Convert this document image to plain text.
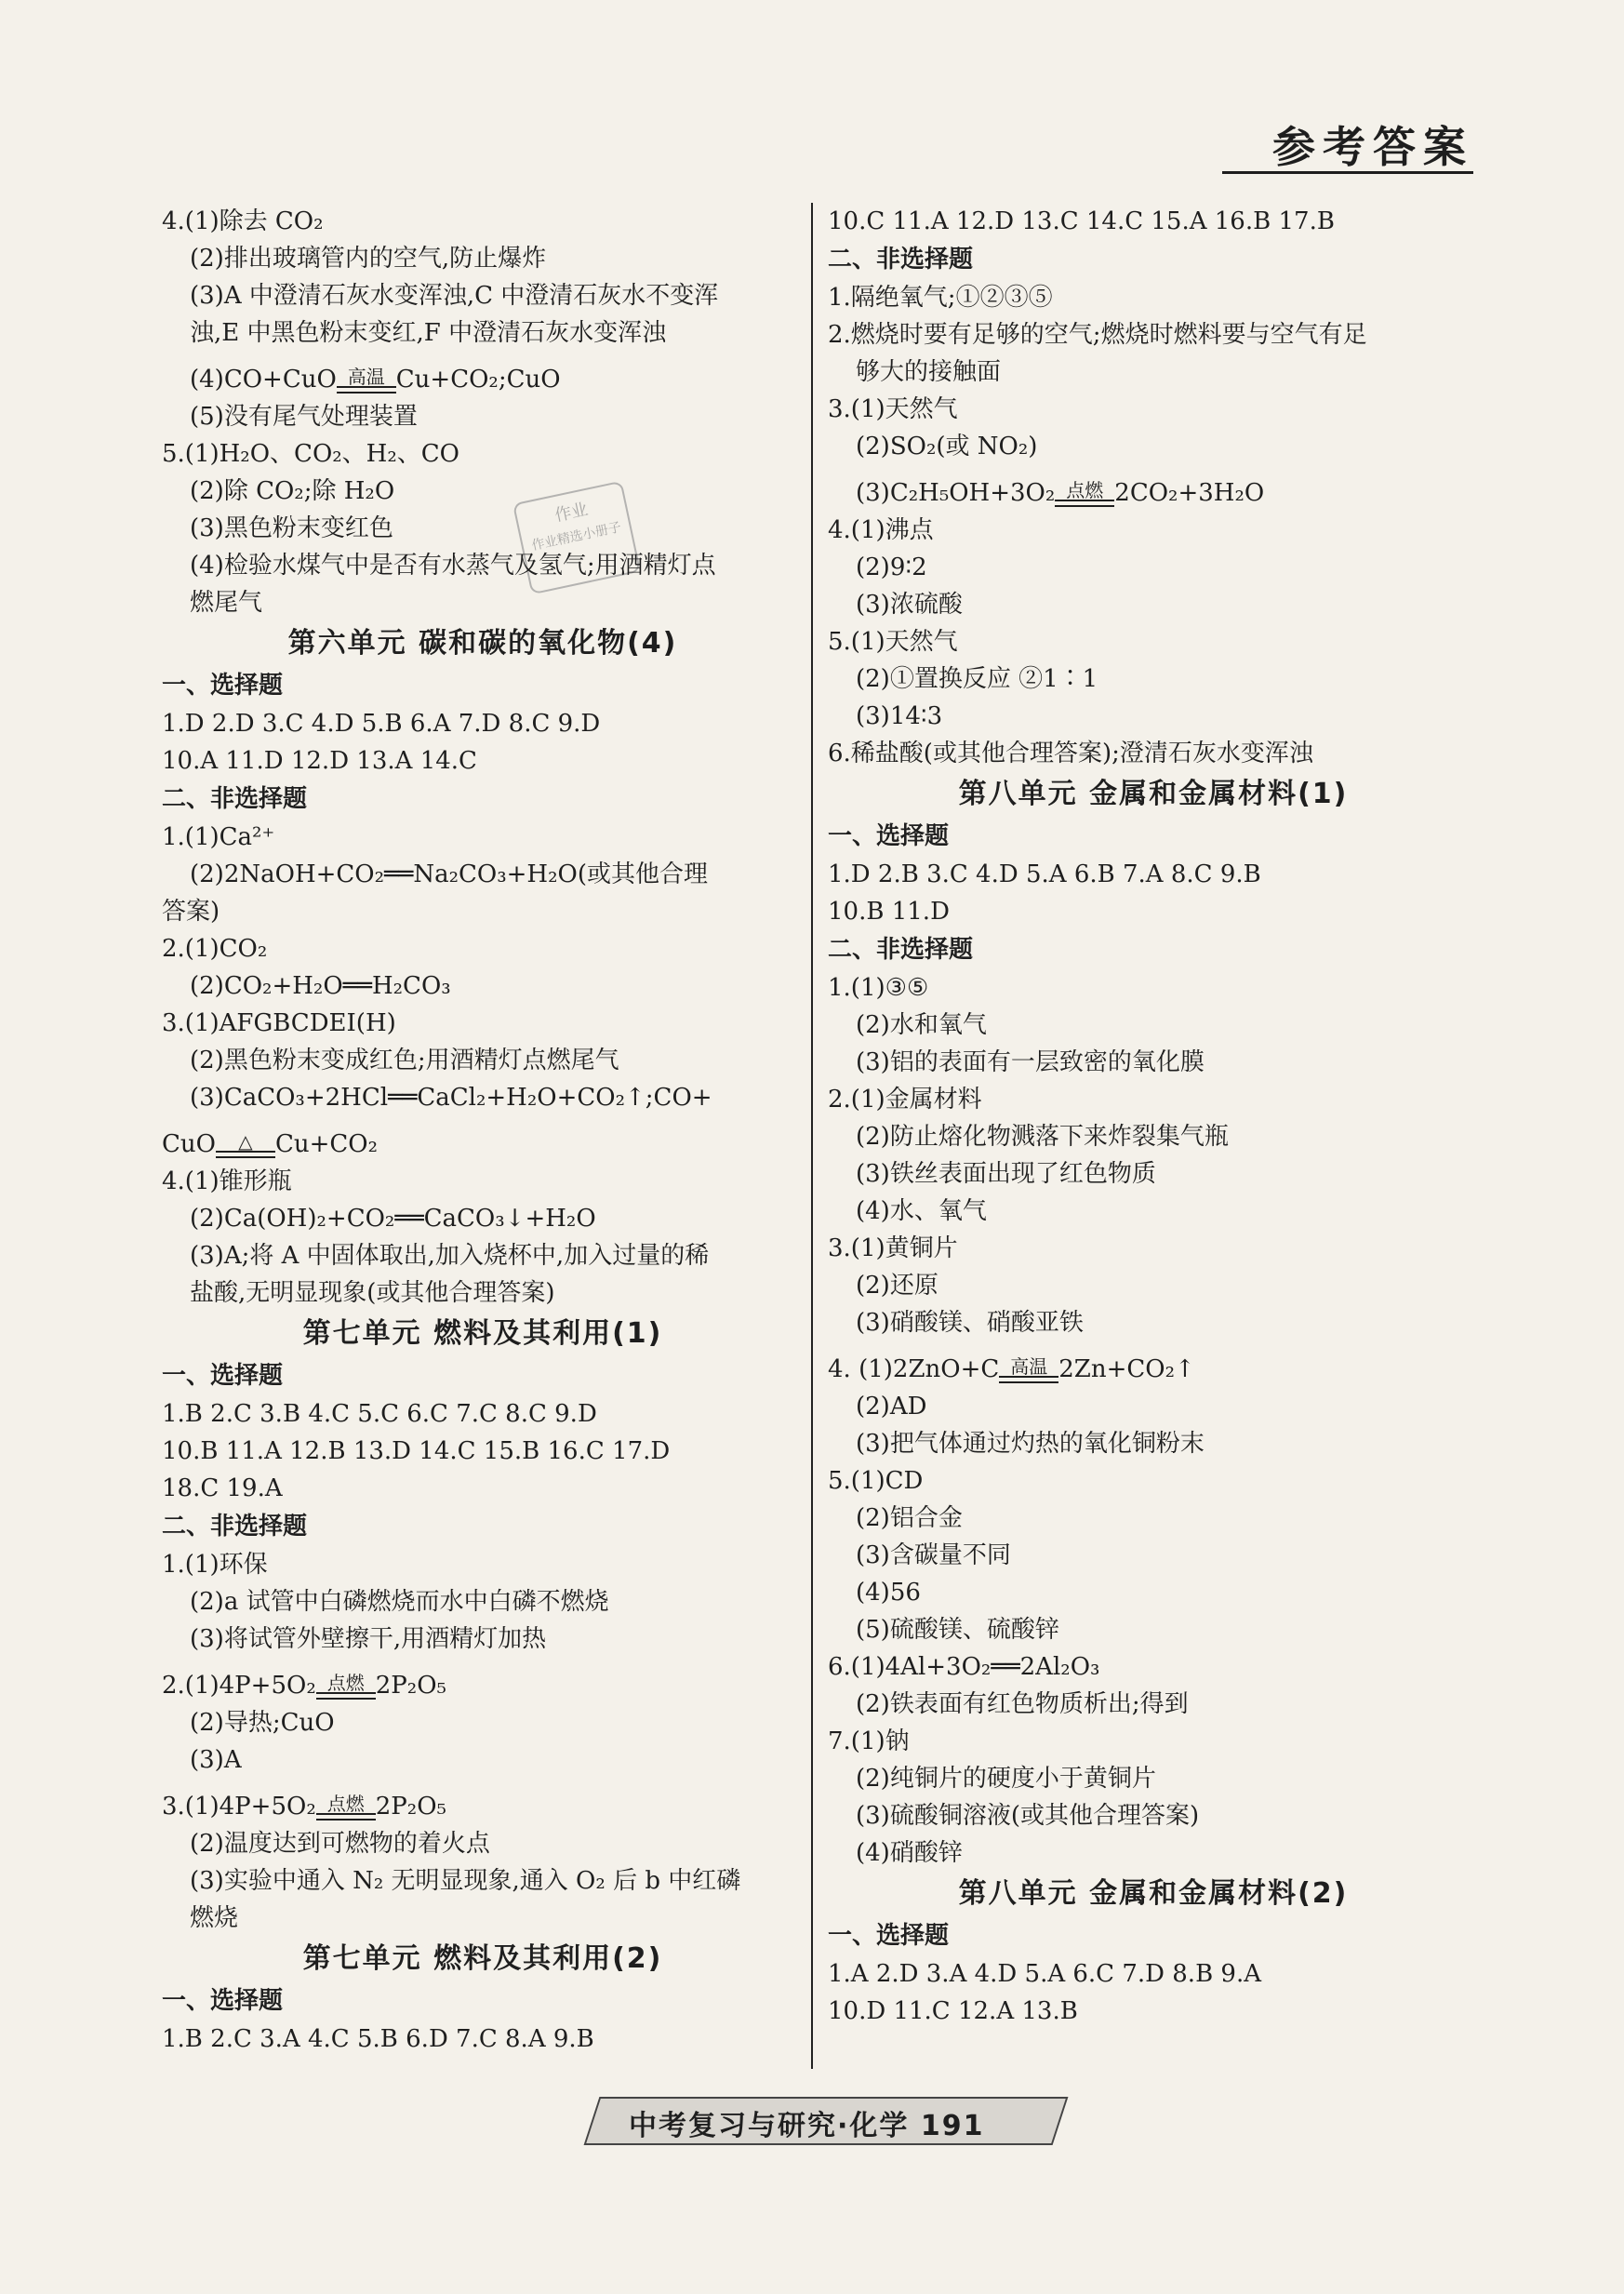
参考答案
作业
作业精选小册子
4.(1)除去 CO₂
(2)排出玻璃管内的空气,防止爆炸
(3)A 中澄清石灰水变浑浊,C 中澄清石灰水不变浑
浊,E 中黑色粉末变红,F 中澄清石灰水变浑浊
(4)CO+CuO 高温 Cu+CO₂;CuO
(5)没有尾气处理装置
5.(1)H₂O、CO₂、H₂、CO
(2)除 CO₂;除 H₂O
(3)黑色粉末变红色
(4)检验水煤气中是否有水蒸气及氢气;用酒精灯点
燃尾气
第六单元 碳和碳的氧化物(4)
一、选择题
1.D 2.D 3.C 4.D 5.B 6.A 7.D 8.C 9.D
10.A 11.D 12.D 13.A 14.C
二、非选择题
1.(1)Ca²⁺
(2)2NaOH+CO₂══Na₂CO₃+H₂O(或其他合理
答案)
2.(1)CO₂
(2)CO₂+H₂O══H₂CO₃
3.(1)AFGBCDEI(H)
(2)黑色粉末变成红色;用酒精灯点燃尾气
(3)CaCO₃+2HCl══CaCl₂+H₂O+CO₂↑;CO+
CuO △ Cu+CO₂
4.(1)锥形瓶
(2)Ca(OH)₂+CO₂══CaCO₃↓+H₂O
(3)A;将 A 中固体取出,加入烧杯中,加入过量的稀
盐酸,无明显现象(或其他合理答案)
第七单元 燃料及其利用(1)
一、选择题
1.B 2.C 3.B 4.C 5.C 6.C 7.C 8.C 9.D
10.B 11.A 12.B 13.D 14.C 15.B 16.C 17.D
18.C 19.A
二、非选择题
1.(1)环保
(2)a 试管中白磷燃烧而水中白磷不燃烧
(3)将试管外壁擦干,用酒精灯加热
2.(1)4P+5O₂ 点燃 2P₂O₅
(2)导热;CuO
(3)A
3.(1)4P+5O₂ 点燃 2P₂O₅
(2)温度达到可燃物的着火点
(3)实验中通入 N₂ 无明显现象,通入 O₂ 后 b 中红磷
燃烧
第七单元 燃料及其利用(2)
一、选择题
1.B 2.C 3.A 4.C 5.B 6.D 7.C 8.A 9.B
10.C 11.A 12.D 13.C 14.C 15.A 16.B 17.B
二、非选择题
1.隔绝氧气;①②③⑤
2.燃烧时要有足够的空气;燃烧时燃料要与空气有足
够大的接触面
3.(1)天然气
(2)SO₂(或 NO₂)
(3)C₂H₅OH+3O₂ 点燃 2CO₂+3H₂O
4.(1)沸点
(2)9∶2
(3)浓硫酸
5.(1)天然气
(2)①置换反应 ②1∶1
(3)14∶3
6.稀盐酸(或其他合理答案);澄清石灰水变浑浊
第八单元 金属和金属材料(1)
一、选择题
1.D 2.B 3.C 4.D 5.A 6.B 7.A 8.C 9.B
10.B 11.D
二、非选择题
1.(1)③⑤
(2)水和氧气
(3)铝的表面有一层致密的氧化膜
2.(1)金属材料
(2)防止熔化物溅落下来炸裂集气瓶
(3)铁丝表面出现了红色物质
(4)水、氧气
3.(1)黄铜片
(2)还原
(3)硝酸镁、硝酸亚铁
4. (1)2ZnO+C 高温 2Zn+CO₂↑
(2)AD
(3)把气体通过灼热的氧化铜粉末
5.(1)CD
(2)铝合金
(3)含碳量不同
(4)56
(5)硫酸镁、硫酸锌
6.(1)4Al+3O₂══2Al₂O₃
(2)铁表面有红色物质析出;得到
7.(1)钠
(2)纯铜片的硬度小于黄铜片
(3)硫酸铜溶液(或其他合理答案)
(4)硝酸锌
第八单元 金属和金属材料(2)
一、选择题
1.A 2.D 3.A 4.D 5.A 6.C 7.D 8.B 9.A
10.D 11.C 12.A 13.B
中考复习与研究·化学 191
